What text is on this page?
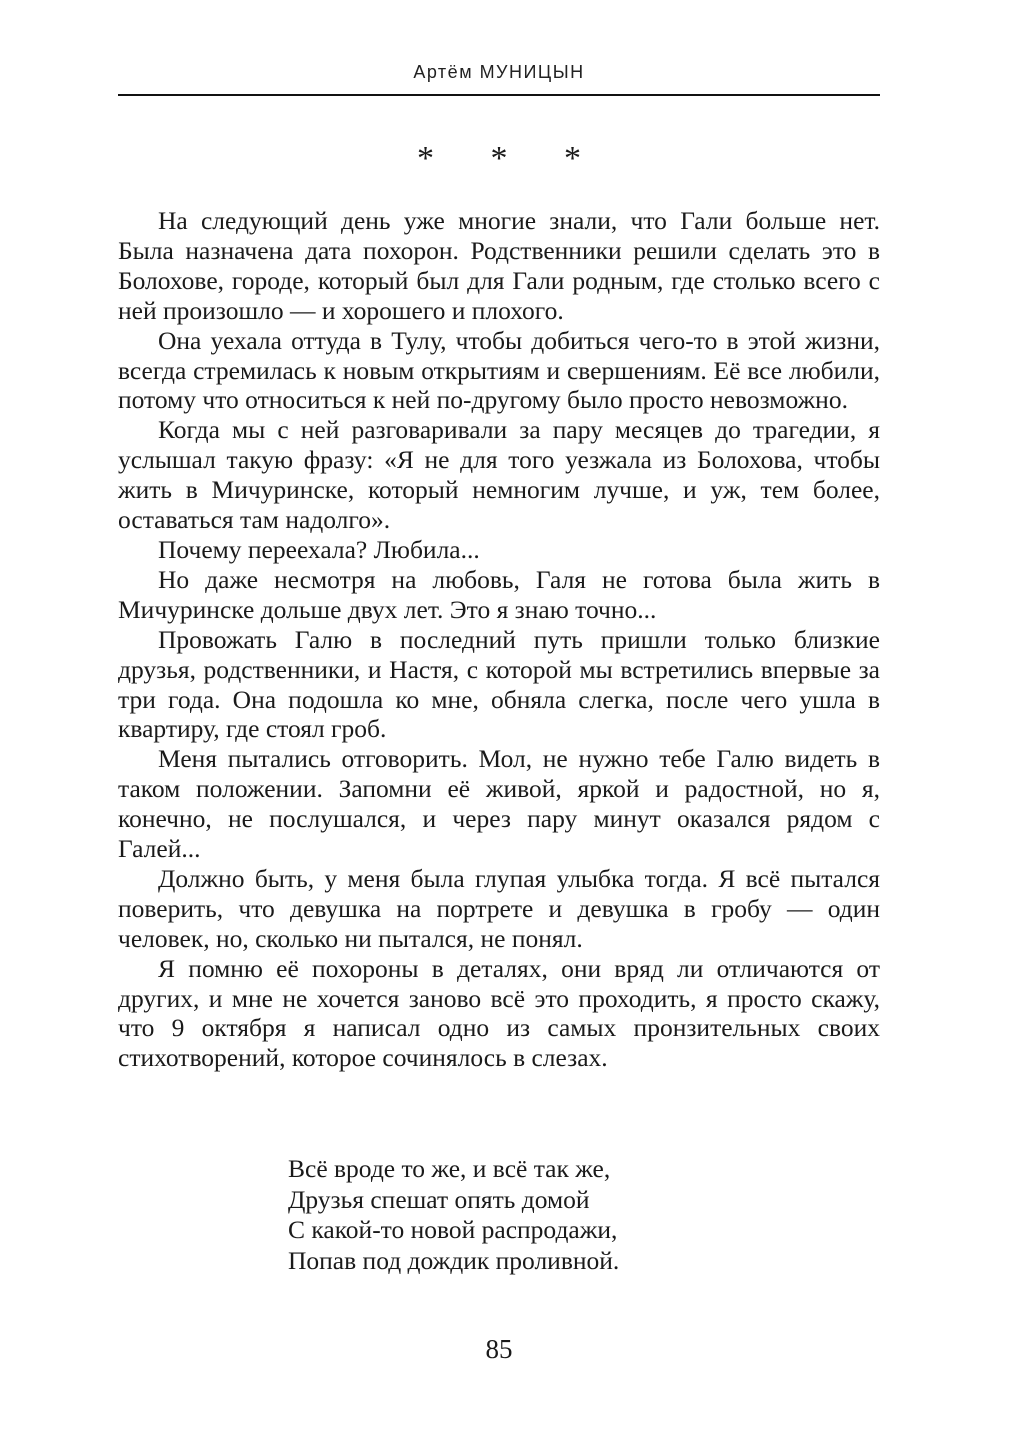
Артём МУНИЦЫН
* * *

На следующий день уже многие знали, что Гали больше нет. Была назначена дата похорон. Родственники решили сделать это в Болохове, городе, который был для Гали родным, где столько всего с ней произошло — и хорошего и плохого.

Она уехала оттуда в Тулу, чтобы добиться чего-то в этой жизни, всегда стремилась к новым открытиям и свершениям. Её все любили, потому что относиться к ней по-другому было просто невозможно.

Когда мы с ней разговаривали за пару месяцев до трагедии, я услышал такую фразу: «Я не для того уезжала из Болохова, чтобы жить в Мичуринске, который немногим лучше, и уж, тем более, оставаться там надолго».

Почему переехала? Любила...

Но даже несмотря на любовь, Галя не готова была жить в Мичуринске дольше двух лет. Это я знаю точно...

Провожать Галю в последний путь пришли только близкие друзья, родственники, и Настя, с которой мы встретились впервые за три года. Она подошла ко мне, обняла слегка, после чего ушла в квартиру, где стоял гроб.

Меня пытались отговорить. Мол, не нужно тебе Галю видеть в таком положении. Запомни её живой, яркой и радостной, но я, конечно, не послушался, и через пару минут оказался рядом с Галей...

Должно быть, у меня была глупая улыбка тогда. Я всё пытался поверить, что девушка на портрете и девушка в гробу — один человек, но, сколько ни пытался, не понял.

Я помню её похороны в деталях, они вряд ли отличаются от других, и мне не хочется заново всё это проходить, я просто скажу, что 9 октября я написал одно из самых пронзительных своих стихотворений, которое сочинялось в слезах.

Всё вроде то же, и всё так же,
Друзья спешат опять домой
С какой-то новой распродажи,
Попав под дождик проливной.
85
